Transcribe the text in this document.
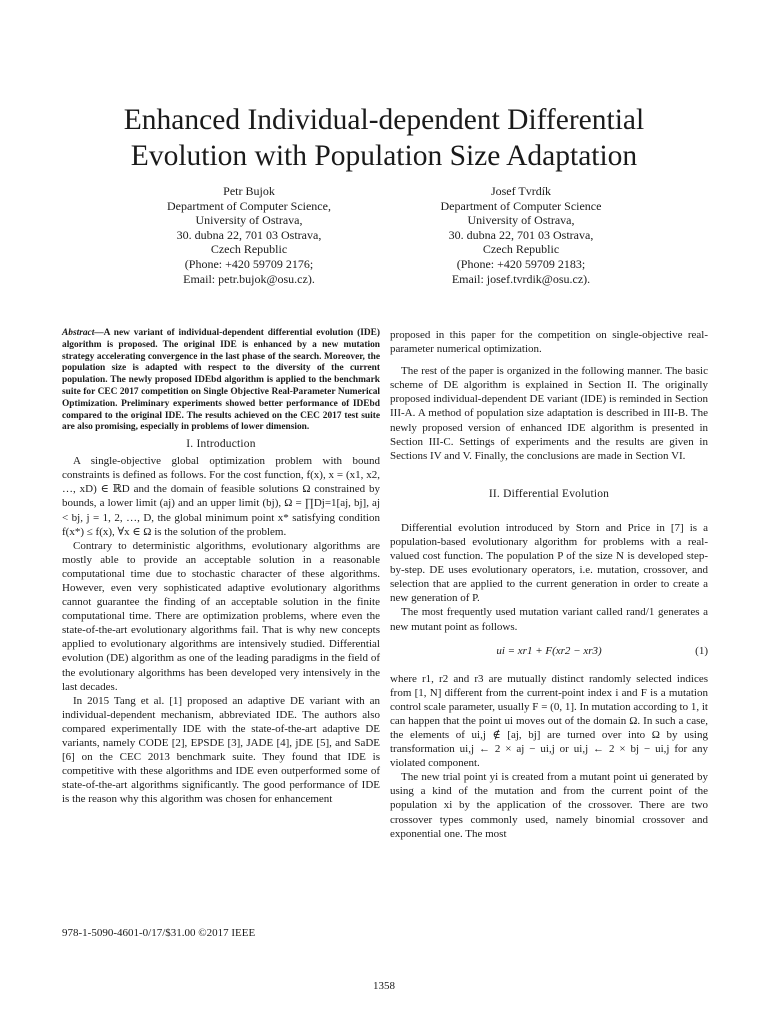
Enhanced Individual-dependent Differential
Evolution with Population Size Adaptation
Petr Bujok
Department of Computer Science,
University of Ostrava,
30. dubna 22, 701 03 Ostrava,
Czech Republic
(Phone: +420 59709 2176;
Email: petr.bujok@osu.cz).
Josef Tvrdík
Department of Computer Science
University of Ostrava,
30. dubna 22, 701 03 Ostrava,
Czech Republic
(Phone: +420 59709 2183;
Email: josef.tvrdik@osu.cz).

Abstract—A new variant of individual-dependent differential evolution (IDE) algorithm is proposed. The original IDE is enhanced by a new mutation strategy accelerating convergence in the last phase of the search. Moreover, the population size is adapted with respect to the diversity of the current population. The newly proposed IDEbd algorithm is applied to the benchmark suite for CEC 2017 competition on Single Objective Real-Parameter Numerical Optimization. Preliminary experiments showed better performance of IDEbd compared to the original IDE. The results achieved on the CEC 2017 test suite are also promising, especially in problems of lower dimension.

I. Introduction

A single-objective global optimization problem with bound constraints is defined as follows. For the cost function, f(x), x = (x1, x2, …, xD) ∈ ℝD and the domain of feasible solutions Ω constrained by bounds, a lower limit (aj) and an upper limit (bj), Ω = ∏Dj=1[aj, bj], aj < bj, j = 1, 2, …, D, the global minimum point x* satisfying condition f(x*) ≤ f(x), ∀x ∈ Ω is the solution of the problem.

Contrary to deterministic algorithms, evolutionary algorithms are mostly able to provide an acceptable solution in a reasonable computational time due to stochastic character of these algorithms. However, even very sophisticated adaptive evolutionary algorithms cannot guarantee the finding of an acceptable solution in the finite computational time. There are optimization problems, where even the state-of-the-art evolutionary algorithms fail. That is why new concepts applied to evolutionary algorithms are intensively studied. Differential evolution (DE) algorithm as one of the leading paradigms in the field of the evolutionary algorithms has been developed very intensively in the last decades.

In 2015 Tang et al. [1] proposed an adaptive DE variant with an individual-dependent mechanism, abbreviated IDE. The authors also compared experimentally IDE with the state-of-the-art adaptive DE variants, namely CODE [2], EPSDE [3], JADE [4], jDE [5], and SaDE [6] on the CEC 2013 benchmark suite. They found that IDE is competitive with these algorithms and IDE even outperformed some of state-of-the-art algorithms significantly. The good performance of IDE is the reason why this algorithm was chosen for enhancement

proposed in this paper for the competition on single-objective real-parameter numerical optimization.

The rest of the paper is organized in the following manner. The basic scheme of DE algorithm is explained in Section II. The originally proposed individual-dependent DE variant (IDE) is reminded in Section III-A. A method of population size adaptation is described in III-B. The newly proposed version of enhanced IDE algorithm is presented in Section III-C. Settings of experiments and the results are given in Sections IV and V. Finally, the conclusions are made in Section VI.

II. Differential Evolution

Differential evolution introduced by Storn and Price in [7] is a population-based evolutionary algorithm for problems with a real-valued cost function. The population P of the size N is developed step-by-step. DE uses evolutionary operators, i.e. mutation, crossover, and selection that are applied to the current generation in order to create a new generation of P.

The most frequently used mutation variant called rand/1 generates a new mutant point as follows.

ui = xr1 + F(xr2 − xr3)	(1)

where r1, r2 and r3 are mutually distinct randomly selected indices from [1, N] different from the current-point index i and F is a mutation control scale parameter, usually F = (0, 1]. In mutation according to 1, it can happen that the point ui moves out of the domain Ω. In such a case, the elements of ui,j ∉ [aj, bj] are turned over into Ω by using transformation ui,j ← 2 × aj − ui,j or ui,j ← 2 × bj − ui,j for any violated component.

The new trial point yi is created from a mutant point ui generated by using a kind of the mutation and from the current point of the population xi by the application of the crossover. There are two crossover types commonly used, namely binomial crossover and exponential one. The most

978-1-5090-4601-0/17/$31.00 ©2017 IEEE
1358
